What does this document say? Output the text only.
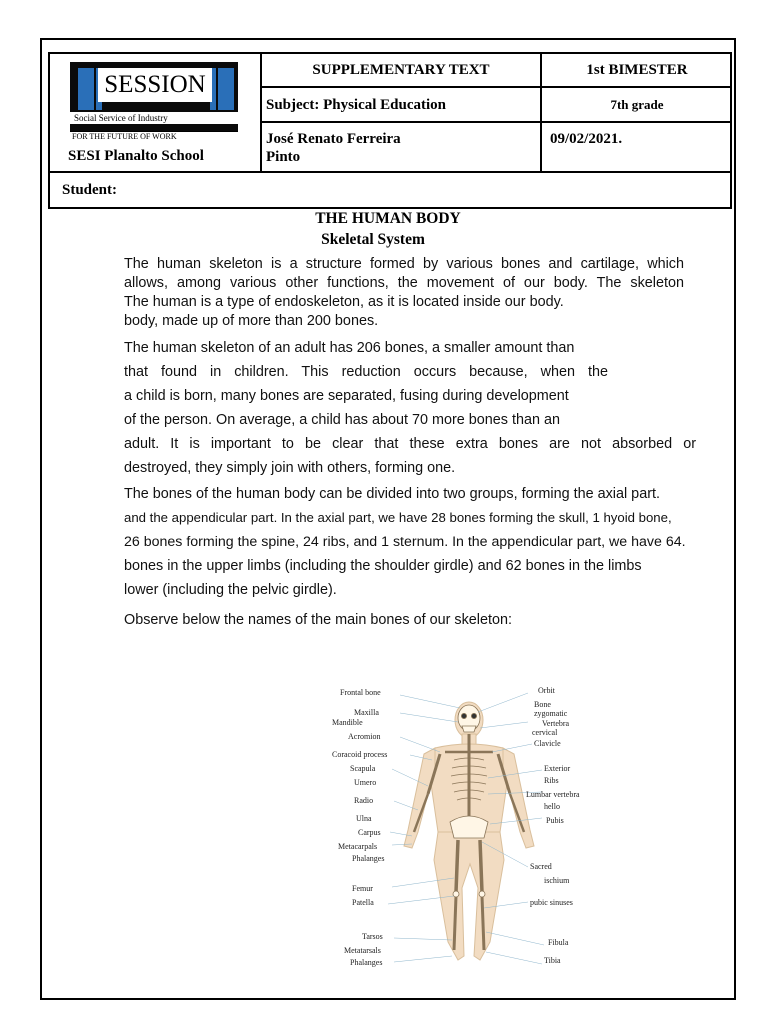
SESSION
Social Service of Industry
FOR THE FUTURE OF WORK
SESI Planalto School
SUPPLEMENTARY TEXT	1st BIMESTER
Subject: Physical Education	7th grade
José Renato Ferreira
Pinto
09/02/2021.
Student:
THE HUMAN BODY
Skeletal System
The human skeleton is a structure formed by various bones and cartilage, which
allows, among various other functions, the movement of our body. The skeleton
The human is a type of endoskeleton, as it is located inside our body.
body, made up of more than 200 bones.
The human skeleton of an adult has 206 bones, a smaller amount than
that found in children. This reduction occurs because, when the
a child is born, many bones are separated, fusing during development
of the person. On average, a child has about 70 more bones than an
adult. It is important to be clear that these extra bones are not absorbed or
destroyed, they simply join with others, forming one.
The bones of the human body can be divided into two groups, forming the axial part.
and the appendicular part. In the axial part, we have 28 bones forming the skull, 1 hyoid bone,
26 bones forming the spine, 24 ribs, and 1 sternum. In the appendicular part, we have 64.
bones in the upper limbs (including the shoulder girdle) and 62 bones in the limbs
lower (including the pelvic girdle).
Observe below the names of the main bones of our skeleton:
Frontal bone
Maxilla
Mandible
Acromion
Coracoid process
Scapula
Umero
Radio
Ulna
Carpus
Metacarpals
Phalanges
Femur
Patella
Tarsos
Metatarsals
Phalanges
Orbit
Bone
zygomatic
Vertebra
cervical
Clavicle
Exterior
Ribs
Lumbar vertebra
hello
Pubis
Sacred
ischium
pubic sinuses
Fibula
Tibia
